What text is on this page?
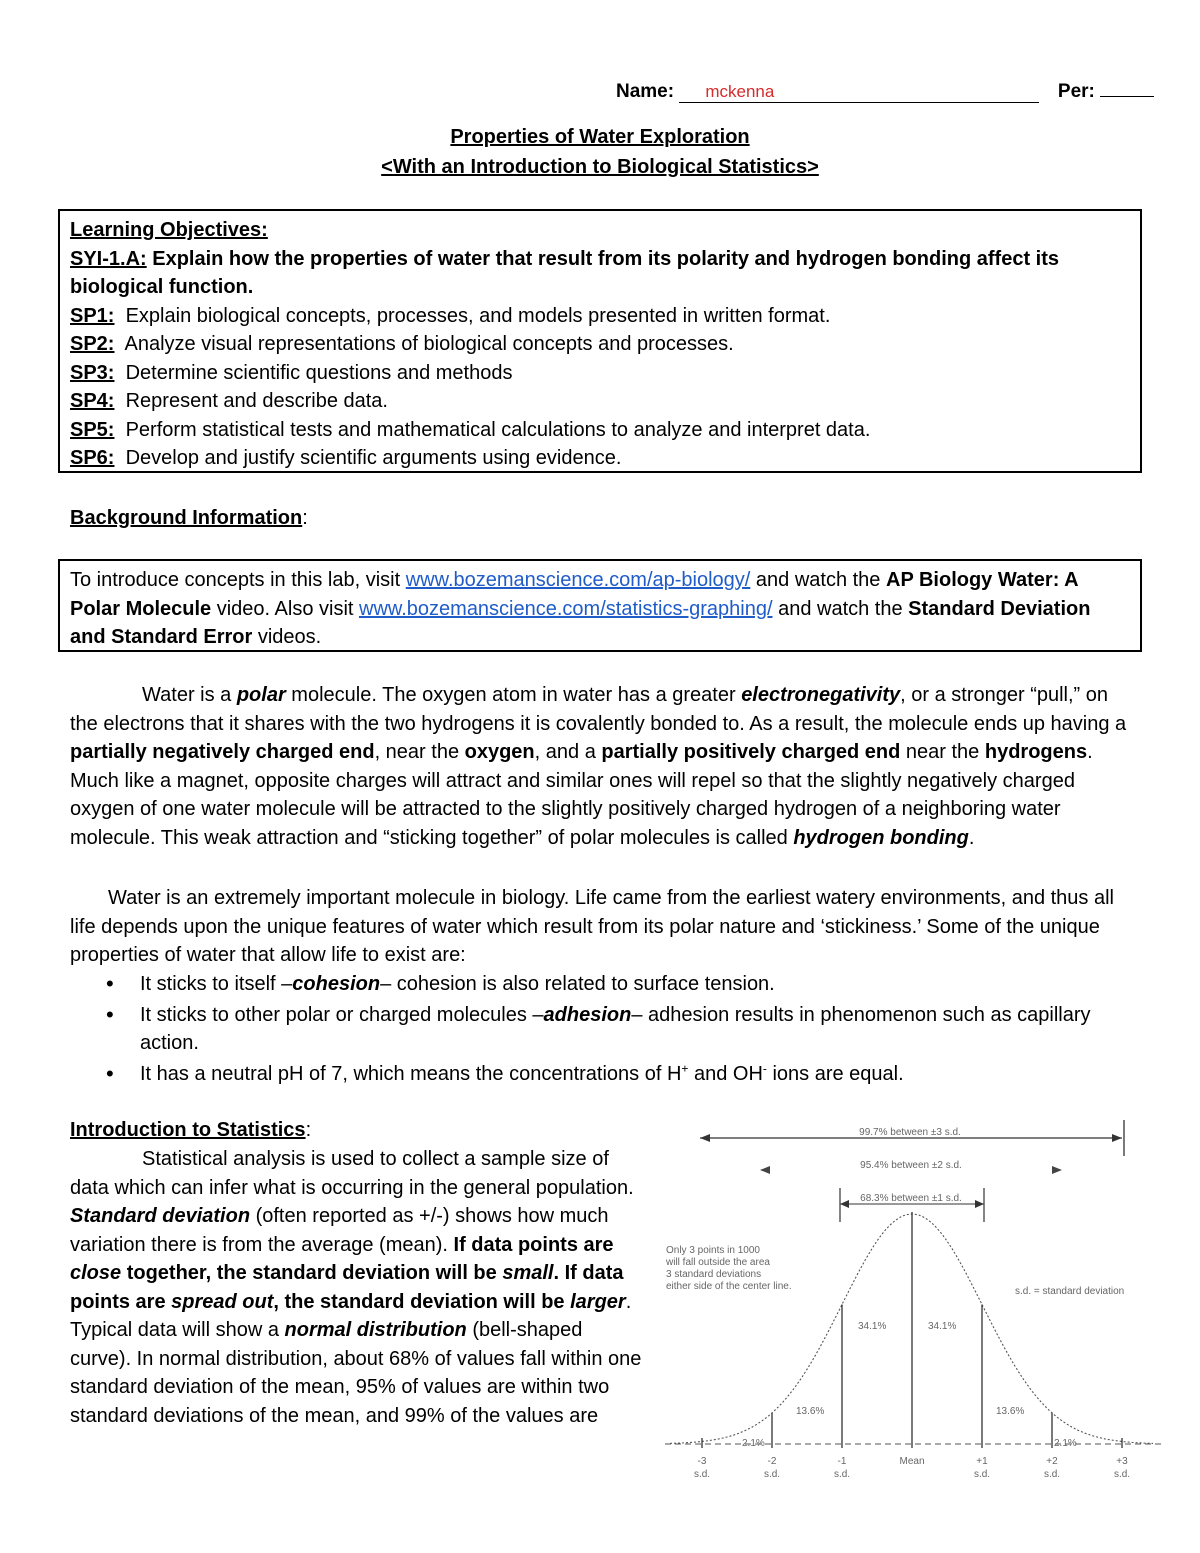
Name: mckenna	Per:
Properties of Water Exploration
<With an Introduction to Biological Statistics>
Learning Objectives:
SYI-1.A: Explain how the properties of water that result from its polarity and hydrogen bonding affect its biological function.
SP1: Explain biological concepts, processes, and models presented in written format.
SP2: Analyze visual representations of biological concepts and processes.
SP3: Determine scientific questions and methods
SP4: Represent and describe data.
SP5: Perform statistical tests and mathematical calculations to analyze and interpret data.
SP6: Develop and justify scientific arguments using evidence.
Background Information:
To introduce concepts in this lab, visit www.bozemanscience.com/ap-biology/ and watch the AP Biology Water: A Polar Molecule video. Also visit www.bozemanscience.com/statistics-graphing/ and watch the Standard Deviation and Standard Error videos.
Water is a polar molecule. The oxygen atom in water has a greater electronegativity, or a stronger “pull,” on the electrons that it shares with the two hydrogens it is covalently bonded to. As a result, the molecule ends up having a partially negatively charged end, near the oxygen, and a partially positively charged end near the hydrogens. Much like a magnet, opposite charges will attract and similar ones will repel so that the slightly negatively charged oxygen of one water molecule will be attracted to the slightly positively charged hydrogen of a neighboring water molecule. This weak attraction and “sticking together” of polar molecules is called hydrogen bonding.
Water is an extremely important molecule in biology. Life came from the earliest watery environments, and thus all life depends upon the unique features of water which result from its polar nature and ‘stickiness.’ Some of the unique properties of water that allow life to exist are:
• It sticks to itself –cohesion– cohesion is also related to surface tension.
• It sticks to other polar or charged molecules –adhesion– adhesion results in phenomenon such as capillary action.
• It has a neutral pH of 7, which means the concentrations of H+ and OH- ions are equal.
Introduction to Statistics:
Statistical analysis is used to collect a sample size of data which can infer what is occurring in the general population. Standard deviation (often reported as +/-) shows how much variation there is from the average (mean). If data points are close together, the standard deviation will be small. If data points are spread out, the standard deviation will be larger. Typical data will show a normal distribution (bell-shaped curve). In normal distribution, about 68% of values fall within one standard deviation of the mean, 95% of values are within two standard deviations of the mean, and 99% of the values are
99.7% between ±3 s.d.
95.4% between ±2 s.d.
68.3% between ±1 s.d.
Only 3 points in 1000
will fall outside the area
3 standard deviations
either side of the center line.	s.d. = standard deviation
34.1%	34.1%
13.6%	13.6%
2.1%	2.1%
-3
s.d.
-2
s.d.
-1
s.d.
Mean	+1
s.d.
+2
s.d.
+3
s.d.
